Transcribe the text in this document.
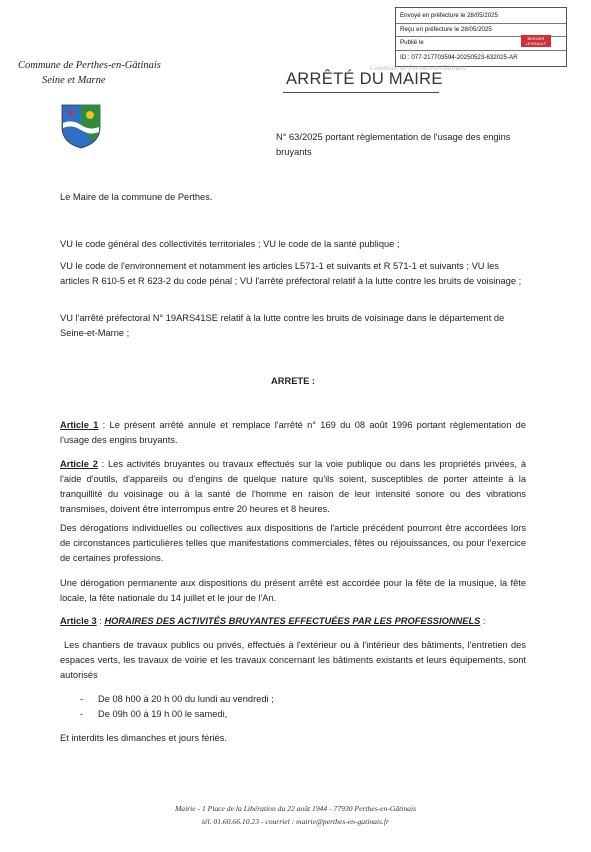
Envoyé en préfecture le 28/05/2025
Reçu en préfecture le 28/05/2025
Publié le
BERGER LEVRAULT
ID : 077-217703594-20250523-632025-AR
Commune de Perthes-en-Gâtinais
Seine et Marne
Commune de Perthes-en-Gâtinais
ARRÊTÉ DU MAIRE
N° 63/2025 portant règlementation de l'usage des engins bruyants

Le Maire de la commune de Perthes.

VU le code général des collectivités territoriales ; VU le code de la santé publique ;

VU le code de l'environnement et notamment les articles L571-1 et suivants et R 571-1 et suivants ; VU les articles R 610-5 et R 623-2 du code pénal ; VU l'arrêté préfectoral relatif à la lutte contre les bruits de voisinage ;

VU l'arrêté préfectoral N° 19ARS41SE relatif à la lutte contre les bruits de voisinage dans le département de Seine-et-Marne ;

ARRETE :

Article 1 : Le présent arrêté annule et remplace l'arrêté n° 169 du 08 août 1996 portant règlementation de l'usage des engins bruyants.

Article 2 : Les activités bruyantes ou travaux effectués sur la voie publique ou dans les propriétés privées, à l'aide d'outils, d'appareils ou d'engins de quelque nature qu'ils soient, susceptibles de porter atteinte à la tranquillité du voisinage ou à la santé de l'homme en raison de leur intensité sonore ou des vibrations transmises, doivent être interrompus entre 20 heures et 8 heures.

Des dérogations individuelles ou collectives aux dispositions de l'article précédent pourront être accordées lors de circonstances particulières telles que manifestations commerciales, fêtes ou réjouissances, ou pour l'exercice de certaines professions.

Une dérogation permanente aux dispositions du présent arrêté est accordée pour la fête de la musique, la fête locale, la fête nationale du 14 juillet et le jour de l'An.

Article 3 : HORAIRES DES ACTIVITÉS BRUYANTES EFFECTUÉES PAR LES PROFESSIONNELS :

Les chantiers de travaux publics ou privés, effectués à l'extérieur ou à l'intérieur des bâtiments, l'entretien des espaces verts, les travaux de voirie et les travaux concernant les bâtiments existants et leurs équipements, sont autorisés

- De 08 h00 à 20 h 00 du lundi au vendredi ;
- De 09h 00 à 19 h 00 le samedi,

Et interdits les dimanches et jours fériés.

Mairie - 1 Place de la Libération du 22 août 1944 - 77930 Perthes-en-Gâtinais
tél. 01.60.66.10.23 - courriel : mairie@perthes-en-gatinais.fr
